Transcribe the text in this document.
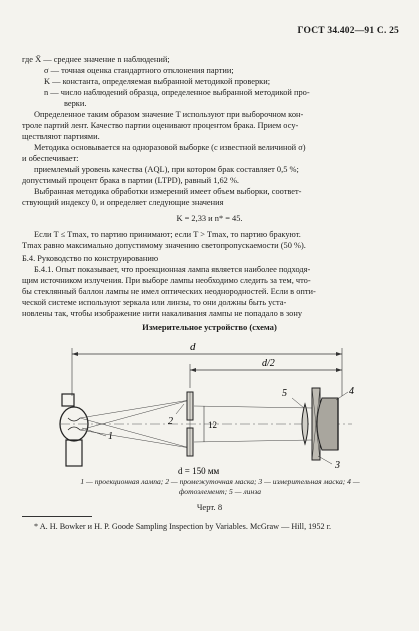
ГОСТ 34.402—91 С. 25
где X̄ — среднее значение n наблюдений;
σ — точная оценка стандартного отклонения партии;
K — константа, определяемая выбранной методикой проверки;
n — число наблюдений образца, определенное выбранной методикой про-
верки.
Определенное таким образом значение T используют при выборочном кон-
троле партий лент. Качество партии оценивают процентом брака. Прием осу-
ществляют партиями.
Методика основывается на одноразовой выборке (с известной величиной σ)
и обеспечивает:
приемлемый уровень качества (AQL), при котором брак составляет 0,5 %;
допустимый процент брака в партии (LTPD), равный 1,62 %.
Выбранная методика обработки измерений имеет объем выборки, соответ-
ствующий индексу 0, и определяет следующие значения
K = 2,33 и n* = 45.
Если T ≤ Tmax, то партию принимают; если T > Tmax, то партию бракуют.
Tmax равно максимально допустимому значению светопропускаемости (50 %).
Б.4. Руководство по конструированию
Б.4.1. Опыт показывает, что проекционная лампа является наиболее подходя-
щим источником излучения. При выборе лампы необходимо следить за тем, что-
бы стеклянный баллон лампы не имел оптических неоднородностей. Если в опти-
ческой системе используют зеркала или линзы, то они должны быть уста-
новлены так, чтобы изображение нити накаливания лампы не попадало в зону
Измерительное устройство (схема)
d
d/2
12
1
2
3
4
5
d = 150 мм
1 — проекционная лампа; 2 — промежуточная маска; 3 — измерительная маска; 4 — фотоэлемент; 5 — линза
Черт. 8
* A. H. Bowker и H. P. Goode Sampling Inspection by Variables. McGraw — Hill, 1952 г.
